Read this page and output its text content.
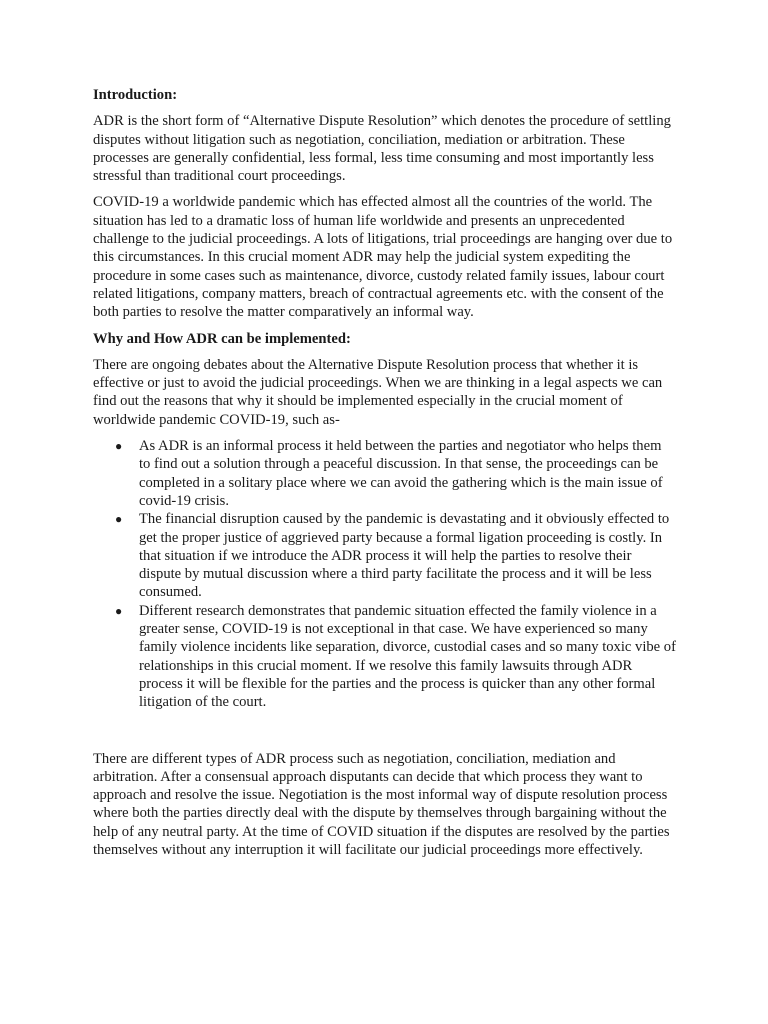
Introduction:

ADR is the short form of “Alternative Dispute Resolution” which denotes the procedure of settling disputes without litigation such as negotiation, conciliation, mediation or arbitration. These processes are generally confidential, less formal, less time consuming and most importantly less stressful than traditional court proceedings.

COVID-19 a worldwide pandemic which has effected almost all the countries of the world. The situation has led to a dramatic loss of human life worldwide and presents an unprecedented challenge to the judicial proceedings. A lots of litigations, trial proceedings are hanging over due to this circumstances. In this crucial moment ADR may help the judicial system expediting the procedure in some cases such as maintenance, divorce, custody related family issues, labour court related litigations, company matters, breach of contractual agreements etc. with the consent of the both parties to resolve the matter comparatively an informal way.

Why and How ADR can be implemented:

There are ongoing debates about the Alternative Dispute Resolution process that whether it is effective or just to avoid the judicial proceedings. When we are thinking in a legal aspects we can find out the reasons that why it should be implemented especially in the crucial moment of worldwide pandemic COVID-19, such as-

● As ADR is an informal process it held between the parties and negotiator who helps them to find out a solution through a peaceful discussion. In that sense, the proceedings can be completed in a solitary place where we can avoid the gathering which is the main issue of covid-19 crisis.
● The financial disruption caused by the pandemic is devastating and it obviously effected to get the proper justice of aggrieved party because a formal ligation proceeding is costly. In that situation if we introduce the ADR process it will help the parties to resolve their dispute by mutual discussion where a third party facilitate the process and it will be less consumed.
● Different research demonstrates that pandemic situation effected the family violence in a greater sense, COVID-19 is not exceptional in that case. We have experienced so many family violence incidents like separation, divorce, custodial cases and so many toxic vibe of relationships in this crucial moment. If we resolve this family lawsuits through ADR process it will be flexible for the parties and the process is quicker than any other formal litigation of the court.

There are different types of ADR process such as negotiation, conciliation, mediation and arbitration. After a consensual approach disputants can decide that which process they want to approach and resolve the issue. Negotiation is the most informal way of dispute resolution process where both the parties directly deal with the dispute by themselves through bargaining without the help of any neutral party. At the time of COVID situation if the disputes are resolved by the parties themselves without any interruption it will facilitate our judicial proceedings more effectively.
